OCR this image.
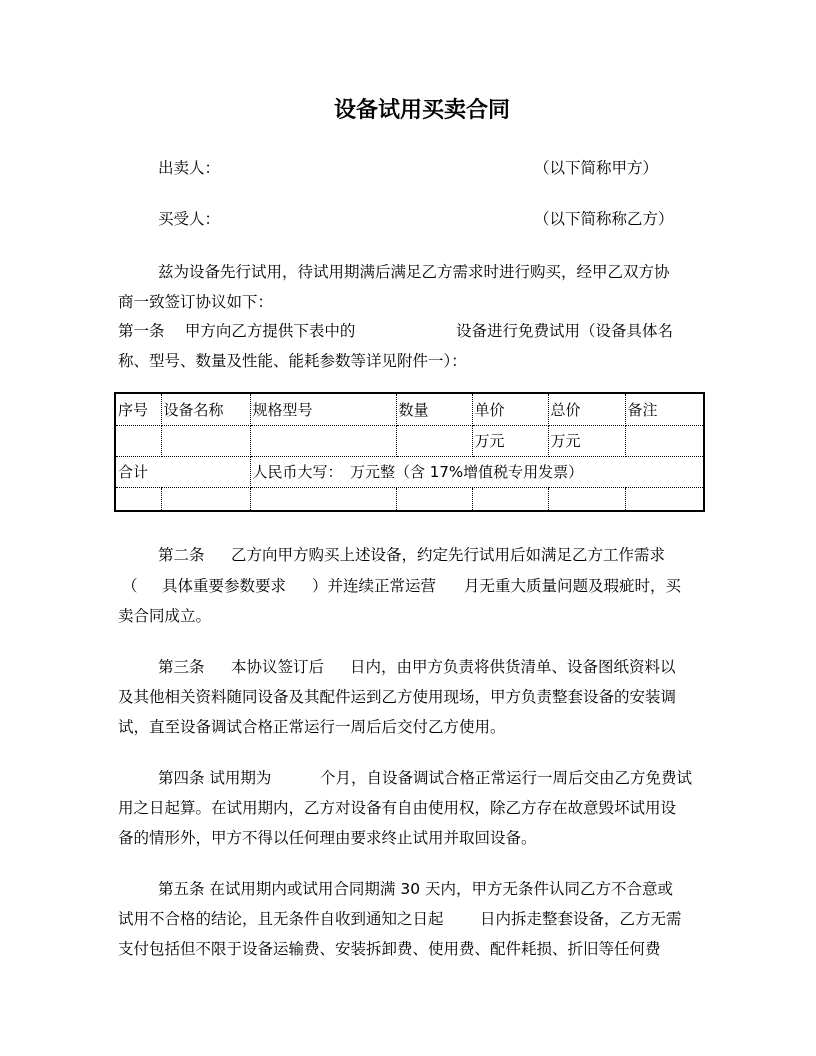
设备试用买卖合同
出卖人：	（以下简称甲方）
买受人：	（以下简称称乙方）
兹为设备先行试用，待试用期满后满足乙方需求时进行购买，经甲乙双方协
商一致签订协议如下：
第一条　 甲方向乙方提供下表中的	设备进行免费试用（设备具体名
称、型号、数量及性能、能耗参数等详见附件一）：
序号	设备名称	规格型号	数量	单价	总价	备注
				万元	万元	
合计		人民币大写：　万元整（含 17%增值税专用发票）				

第二条 乙方向甲方购买上述设备，约定先行试用后如满足乙方工作需求
（ 具体重要参数要求 ）并连续正常运营 月无重大质量问题及瑕疵时，买
卖合同成立。
第三条 本协议签订后 日内，由甲方负责将供货清单、设备图纸资料以
及其他相关资料随同设备及其配件运到乙方使用现场，甲方负责整套设备的安装调
试，直至设备调试合格正常运行一周后后交付乙方使用。
第四条 试用期为	个月，自设备调试合格正常运行一周后交由乙方免费试
用之日起算。在试用期内，乙方对设备有自由使用权，除乙方存在故意毁坏试用设
备的情形外，甲方不得以任何理由要求终止试用并取回设备。
第五条 在试用期内或试用合同期满 30 天内，甲方无条件认同乙方不合意或
试用不合格的结论，且无条件自收到通知之日起 日内拆走整套设备，乙方无需
支付包括但不限于设备运输费、安装拆卸费、使用费、配件耗损、折旧等任何费
